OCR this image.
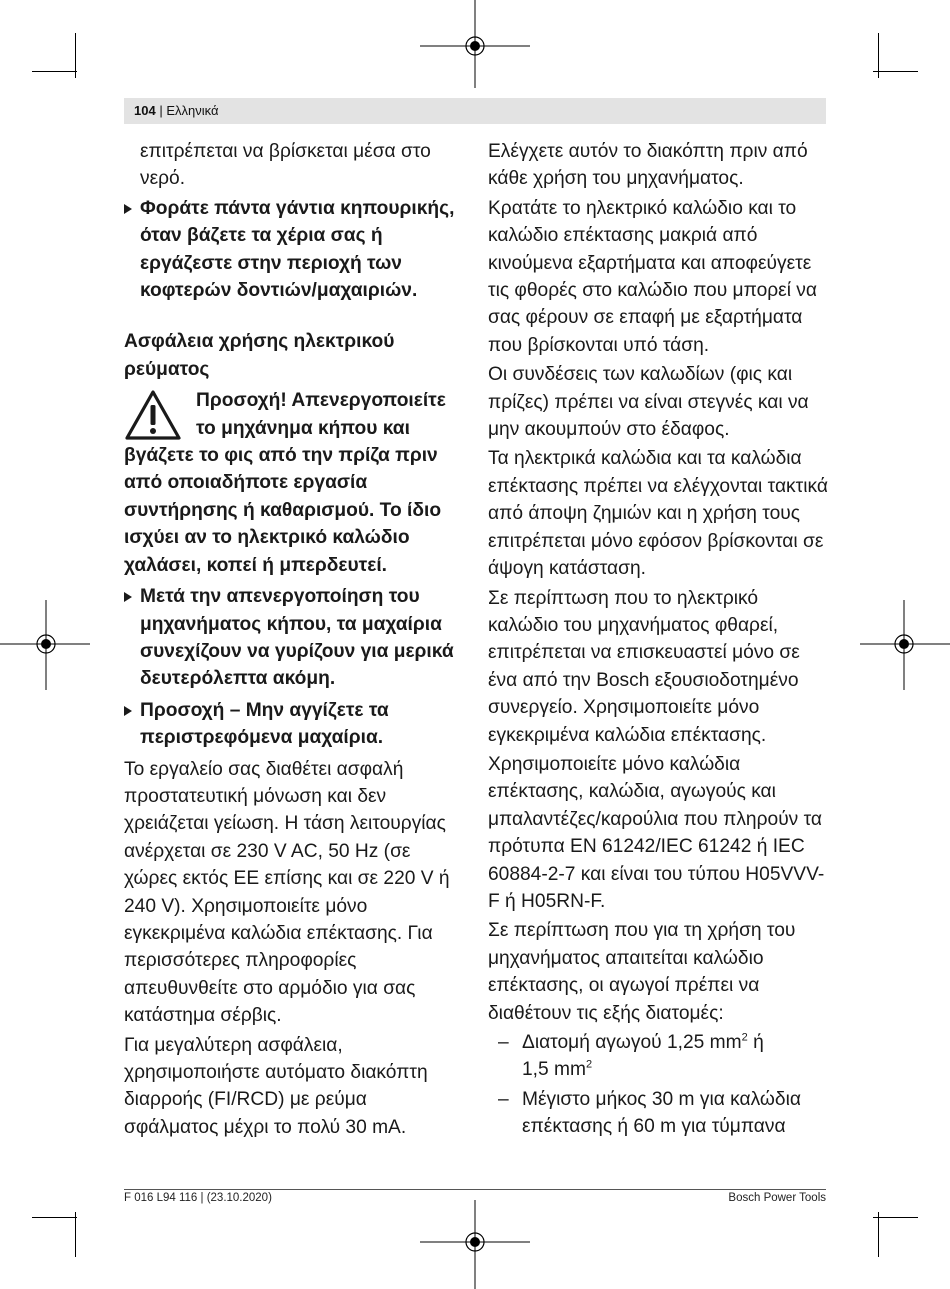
104 | Ελληνικά

επιτρέπεται να βρίσκεται μέσα στο νερό.

Φοράτε πάντα γάντια κηπουρικής, όταν βάζετε τα χέρια σας ή εργάζεστε στην περιοχή των κοφτερών δοντιών/μαχαιριών.
Ασφάλεια χρήσης ηλεκτρικού ρεύματος
Προσοχή! Απενεργοποιείτε το μηχάνημα κήπου και βγάζετε το φις από την πρίζα πριν από οποιαδήποτε εργασία συντήρησης ή καθαρισμού. Το ίδιο ισχύει αν το ηλεκτρικό καλώδιο χαλάσει, κοπεί ή μπερδευτεί.
Μετά την απενεργοποίηση του μηχανήματος κήπου, τα μαχαίρια συνεχίζουν να γυρίζουν για μερικά δευτερόλεπτα ακόμη.
Προσοχή – Μην αγγίζετε τα περιστρεφόμενα μαχαίρια.

Το εργαλείο σας διαθέτει ασφαλή προστατευτική μόνωση και δεν χρειάζεται γείωση. Η τάση λειτουργίας ανέρχεται σε 230 V AC, 50 Hz (σε χώρες εκτός ΕΕ επίσης και σε 220 V ή 240 V). Χρησιμοποιείτε μόνο εγκεκριμένα καλώδια επέκτασης. Για περισσότερες πληροφορίες απευθυνθείτε στο αρμόδιο για σας κατάστημα σέρβις.

Για μεγαλύτερη ασφάλεια, χρησιμοποιήστε αυτόματο διακόπτη διαρροής (FI/RCD) με ρεύμα σφάλματος μέχρι το πολύ 30 mA.

Ελέγχετε αυτόν το διακόπτη πριν από κάθε χρήση του μηχανήματος.

Κρατάτε το ηλεκτρικό καλώδιο και το καλώδιο επέκτασης μακριά από κινούμενα εξαρτήματα και αποφεύγετε τις φθορές στο καλώδιο που μπορεί να σας φέρουν σε επαφή με εξαρτήματα που βρίσκονται υπό τάση.

Οι συνδέσεις των καλωδίων (φις και πρίζες) πρέπει να είναι στεγνές και να μην ακουμπούν στο έδαφος.

Τα ηλεκτρικά καλώδια και τα καλώδια επέκτασης πρέπει να ελέγχονται τακτικά από άποψη ζημιών και η χρήση τους επιτρέπεται μόνο εφόσον βρίσκονται σε άψογη κατάσταση.

Σε περίπτωση που το ηλεκτρικό καλώδιο του μηχανήματος φθαρεί, επιτρέπεται να επισκευαστεί μόνο σε ένα από την Bosch εξουσιοδοτημένο συνεργείο. Χρησιμοποιείτε μόνο εγκεκριμένα καλώδια επέκτασης.

Χρησιμοποιείτε μόνο καλώδια επέκτασης, καλώδια, αγωγούς και μπαλαντέζες/καρούλια που πληρούν τα πρότυπα EN 61242/IEC 61242 ή IEC 60884-2-7 και είναι του τύπου H05VVV-F ή H05RN-F.

Σε περίπτωση που για τη χρήση του μηχανήματος απαιτείται καλώδιο επέκτασης, οι αγωγοί πρέπει να διαθέτουν τις εξής διατομές:

– Διατομή αγωγού 1,25 $mm^2$ ή
1,5 $mm^2$
– Μέγιστο μήκος 30 m για καλώδια επέκτασης ή 60 m για τύμπανα
F 016 L94 116 | (23.10.2020)	Bosch Power Tools
